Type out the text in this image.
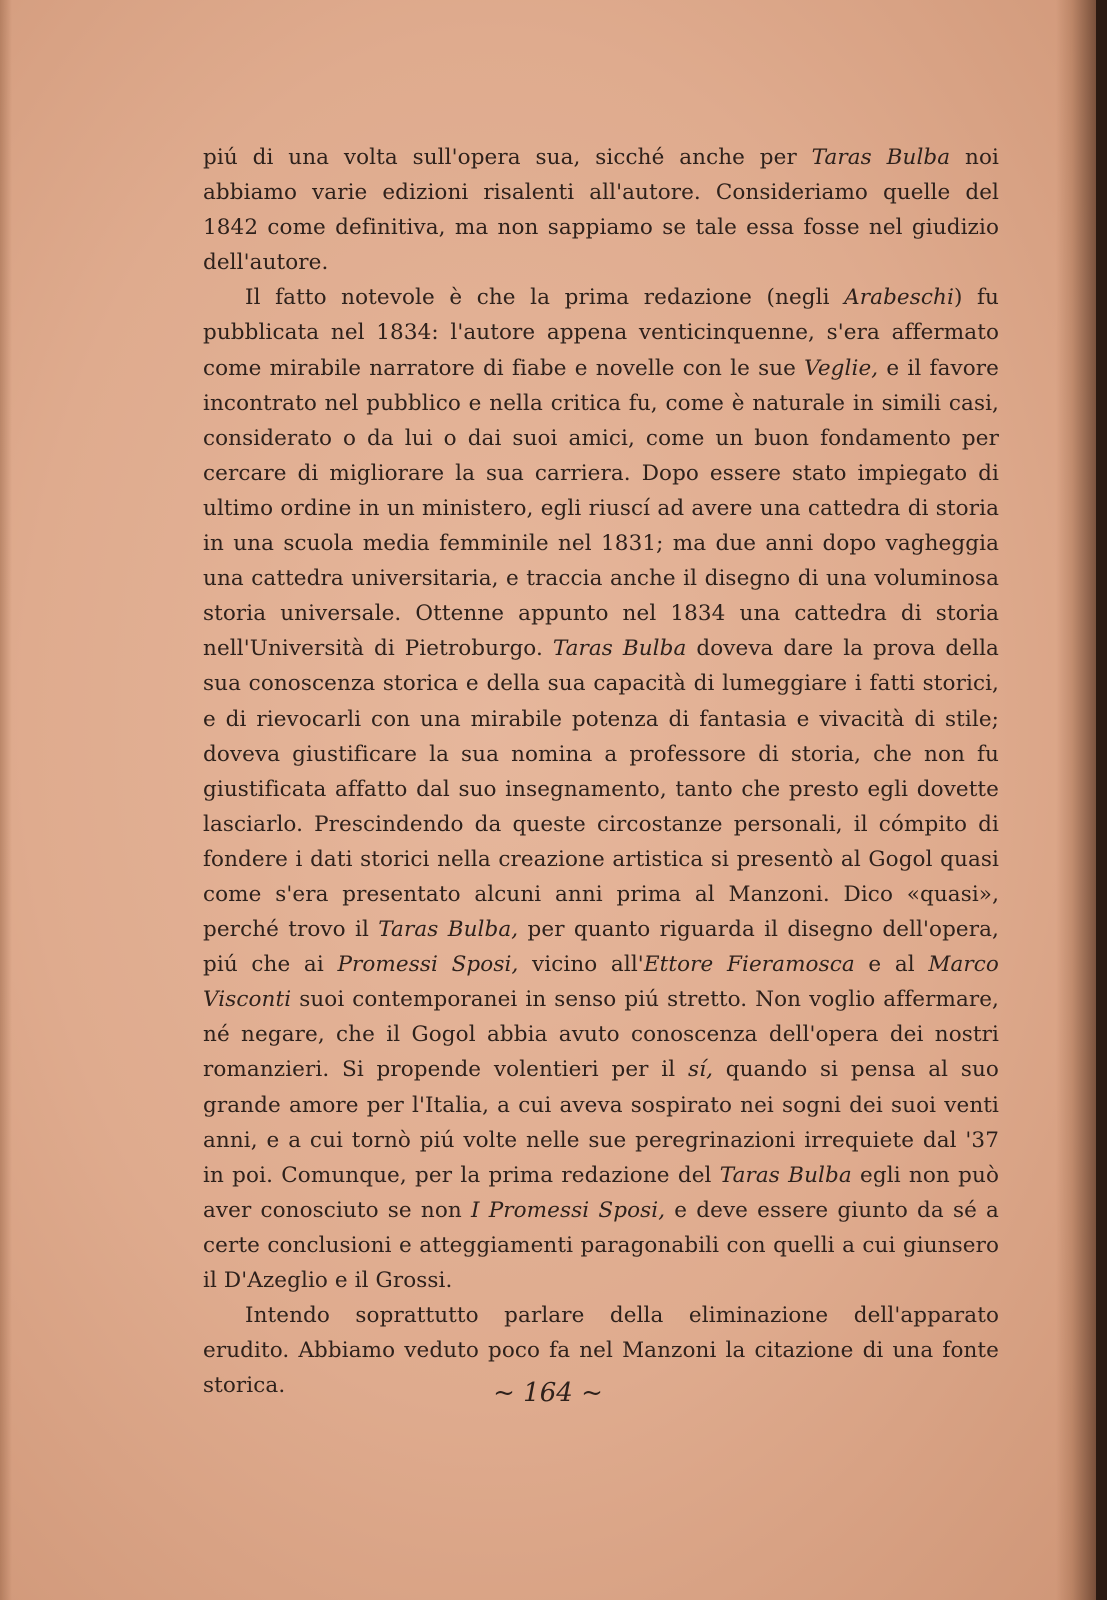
piú di una volta sull'opera sua, sicché anche per Taras Bulba noi abbiamo varie edizioni risalenti all'autore. Consideriamo quelle del 1842 come definitiva, ma non sappiamo se tale essa fosse nel giudizio dell'autore.

Il fatto notevole è che la prima redazione (negli Arabeschi) fu pubblicata nel 1834: l'autore appena venticinquenne, s'era affermato come mirabile narratore di fiabe e novelle con le sue Veglie, e il favore incontrato nel pubblico e nella critica fu, come è naturale in simili casi, considerato o da lui o dai suoi amici, come un buon fondamento per cercare di migliorare la sua carriera. Dopo essere stato impiegato di ultimo ordine in un ministero, egli riuscí ad avere una cattedra di storia in una scuola media femminile nel 1831; ma due anni dopo vagheggia una cattedra universitaria, e traccia anche il disegno di una voluminosa storia universale. Ottenne appunto nel 1834 una cattedra di storia nell'Università di Pietroburgo. Taras Bulba doveva dare la prova della sua conoscenza storica e della sua capacità di lumeggiare i fatti storici, e di rievocarli con una mirabile potenza di fantasia e vivacità di stile; doveva giustificare la sua nomina a professore di storia, che non fu giustificata affatto dal suo insegnamento, tanto che presto egli dovette lasciarlo. Prescindendo da queste circostanze personali, il cómpito di fondere i dati storici nella creazione artistica si presentò al Gogol quasi come s'era presentato alcuni anni prima al Manzoni. Dico «quasi», perché trovo il Taras Bulba, per quanto riguarda il disegno dell'opera, piú che ai Promessi Sposi, vicino all'Ettore Fieramosca e al Marco Visconti suoi contemporanei in senso piú stretto. Non voglio affermare, né negare, che il Gogol abbia avuto conoscenza dell'opera dei nostri romanzieri. Si propende volentieri per il sí, quando si pensa al suo grande amore per l'Italia, a cui aveva sospirato nei sogni dei suoi venti anni, e a cui tornò piú volte nelle sue peregrinazioni irrequiete dal '37 in poi. Comunque, per la prima redazione del Taras Bulba egli non può aver conosciuto se non I Promessi Sposi, e deve essere giunto da sé a certe conclusioni e atteggiamenti paragonabili con quelli a cui giunsero il D'Azeglio e il Grossi.

Intendo soprattutto parlare della eliminazione dell'apparato erudito. Abbiamo veduto poco fa nel Manzoni la citazione di una fonte storica.	~ 164 ~
